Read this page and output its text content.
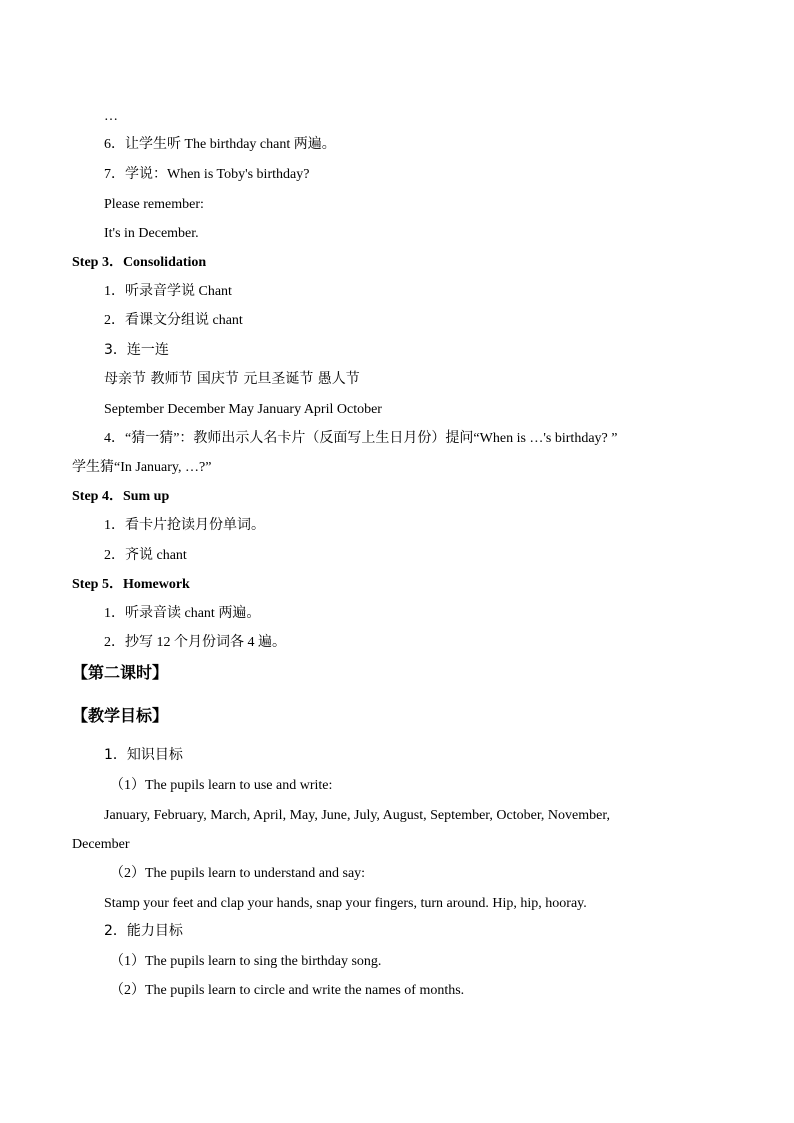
…
6．让学生听 The birthday chant 两遍。
7．学说：When is Toby's birthday?
Please remember:
It's in December.
Step 3．Consolidation
1．听录音学说 Chant
2．看课文分组说 chant
3．连一连
母亲节 教师节 国庆节 元旦圣诞节 愚人节
September December May January April October
4．“猜一猜”：教师出示人名卡片（反面写上生日月份）提问“When is …'s birthday? ”
学生猜“In January, …?”
Step 4．Sum up
1．看卡片抢读月份单词。
2．齐说 chant
Step 5．Homework
1．听录音读 chant 两遍。
2．抄写 12 个月份词各 4 遍。
【第二课时】
【教学目标】
1．知识目标
（1）The pupils learn to use and write:
January, February, March, April, May, June, July, August, September, October, November,
December
（2）The pupils learn to understand and say:
Stamp your feet and clap your hands, snap your fingers, turn around. Hip, hip, hooray.
2．能力目标
（1）The pupils learn to sing the birthday song.
（2）The pupils learn to circle and write the names of months.
